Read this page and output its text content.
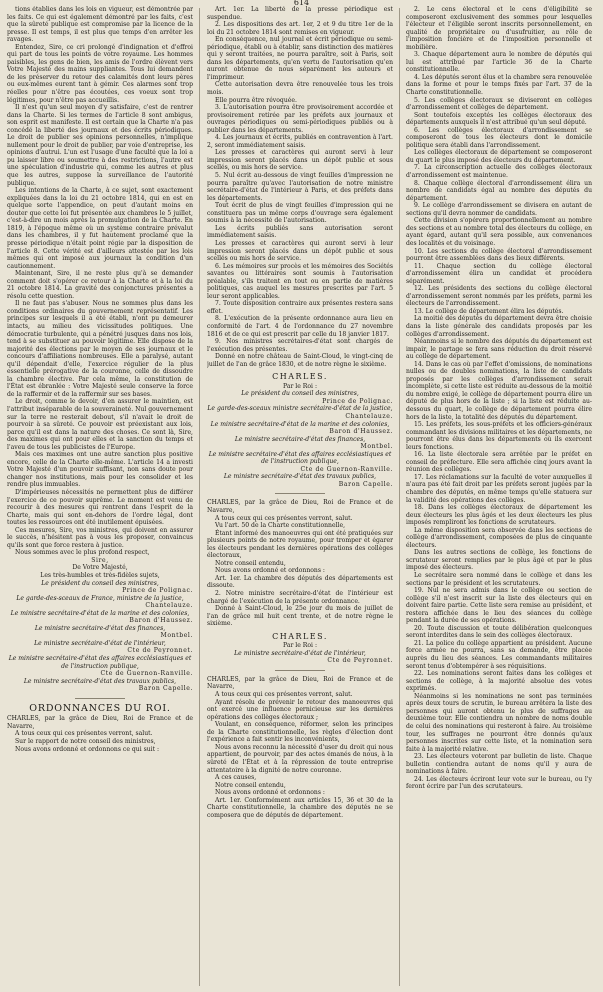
614

tions établies dans les lois en vigueur, est démontrée par les faits. Ce qui est également démontré par les faits, c'est que la sûreté publique est compromise par la licence de la presse. Il est temps, il est plus que temps d'en arrêter les ravages.

Entendez, Sire, ce cri prolongé d'indignation et d'effroi qui part de tous les points de votre royaume. Les hommes paisibles, les gens de bien, les amis de l'ordre élèvent vers Votre Majesté des mains suppliantes. Tous lui demandent de les préserver du retour des calamités dont leurs pères ou eux-mêmes eurent tant à gémir. Ces alarmes sont trop réelles pour n'être pas écoutées, ces voeux sont trop légitimes, pour n'être pas accueillis.

Il n'est qu'un seul moyen d'y satisfaire, c'est de rentrer dans la Charte. Si les termes de l'article 8 sont ambigus, son esprit est manifeste. Il est certain que la Charte n'a pas concédé la liberté des journaux et des écrits périodiques. Le droit de publier ses opinions personnelles, n'implique nullement pour le droit de publier, par voie d'entreprise, les opinions d'autrui. L'un est l'usage d'une faculté que la loi a pu laisser libre ou soumettre à des restrictions, l'autre est une spéculation d'industrie qui, comme les autres et plus que les autres, suppose la surveillance de l'autorité publique.

Les intentions de la Charte, à ce sujet, sont exactement expliquées dans la loi du 21 octobre 1814, qui en est en quelque sorte l'appendice, on peut d'autant moins en douter que cette loi fut présentée aux chambres le 5 juillet, c'est-à-dire un mois après la promulgation de la Charte. En 1819, à l'époque même où un système contraire prévalut dans les chambres, il y fut hautement proclamé que la presse périodique n'était point régie par la disposition de l'article 8. Cette vérité est d'ailleurs attestée par les lois mêmes qui ont imposé aux journaux la condition d'un cautionnement.

Maintenant, Sire, il ne reste plus qu'à se demander comment doit s'opérer ce retour à la Charte et à la loi du 21 octobre 1814. La gravité des conjonctures présentes a résolu cette question.

Il ne faut pas s'abuser. Nous ne sommes plus dans les conditions ordinaires du gouvernement représentatif. Les principes sur lesquels il a été établi, n'ont pu demeurer intacts, au milieu des vicissitudes politiques. Une démocratie turbulente, qui a pénétré jusques dans nos lois, tend à se substituer au pouvoir légitime. Elle dispose de la majorité des élections par le moyen de ses journaux et le concours d'affiliations nombreuses. Elle a paralysé, autant qu'il dépendait d'elle, l'exercice régulier de la plus essentielle prérogative de la couronne, celle de dissoudre la chambre élective. Par cela même, la constitution de l'État est ébranlée : Votre Majesté seule conserve la force de la raffermir et de la raffermir sur ses bases.

Le droit, comme le devoir, d'en assurer le maintien, est l'attribut inséparable de la souveraineté. Nul gouvernement sur la terre ne resterait debout, s'il n'avait le droit de pourvoir à sa sûreté. Ce pouvoir est préexistant aux lois, parce qu'il est dans la nature des choses. Ce sont là, Sire, des maximes qui ont pour elles et la sanction du temps et l'aveu de tous les publicistes de l'Europe.

Mais ces maximes ont une autre sanction plus positive encore, celle de la Charte elle-même. L'article 14 a investi Votre Majesté d'un pouvoir suffisant, non sans doute pour changer nos institutions, mais pour les consolider et les rendre plus immuables.

D'impérieuses nécessités ne permettent plus de différer l'exercice de ce pouvoir suprême. Le moment est venu de recourir à des mesures qui rentrent dans l'esprit de la Charte, mais qui sont en-dehors de l'ordre légal, dont toutes les ressources ont été inutilement épuisées.

Ces mesures, Sire, vos ministres, qui doivent en assurer le succès, n'hésitent pas à vous les proposer, convaincus qu'ils sont que force restera à justice.

Nous sommes avec le plus profond respect,

Sire,

De Votre Majesté,

Les très-humbles et très-fidèles sujets,

Le président du conseil des ministres,

Prince de Polignac.

Le garde-des-sceaux de France, ministre de la justice,

Chantelauze.

Le ministre secrétaire-d'état de la marine et des colonies,

Baron d'Haussez.

Le ministre secrétaire-d'état des finances,

Montbel.

Le ministre secrétaire-d'état de l'intérieur,

Cte de Peyronnet.

Le ministre secrétaire-d'état des affaires ecclésiastiques et de l'instruction publique,

Cte de Guernon-Ranville.

Le ministre secrétaire-d'état des travaux publics,

Baron Capelle.

ORDONNANCES DU ROI.

CHARLES, par la grâce de Dieu, Roi de France et de Navarre,

A tous ceux qui ces présentes verront, salut.

Sur le rapport de notre conseil des ministres,

Nous avons ordonné et ordonnons ce qui suit :

Art. 1er. La liberté de la presse périodique est suspendue.

2. Les dispositions des art. 1er, 2 et 9 du titre 1er de la loi du 21 octobre 1814 sont remises en vigueur.

En conséquence, nul journal et écrit périodique ou semi-périodique, établi ou à établir, sans distinction des matières qui y seront traitées, ne pourra paraître, soit à Paris, soit dans les départements, qu'en vertu de l'autorisation qu'en auront obtenue de nous séparément les auteurs et l'imprimeur.

Cette autorisation devra être renouvelée tous les trois mois.

Elle pourra être révoquée.

3. L'autorisation pourra être provisoirement accordée et provisoirement retirée par les préfets aux journaux et ouvrages périodiques ou semi-périodiques publiés ou à publier dans les départements.

4. Les journaux et écrits, publiés en contravention à l'art. 2, seront immédiatement saisis.

Les presses et caractères qui auront servi à leur impression seront placés dans un dépôt public et sous scellés, ou mis hors de service.

5. Nul écrit au-dessous de vingt feuilles d'impression ne pourra paraître qu'avec l'autorisation de notre ministre secrétaire-d'état de l'intérieur à Paris, et des préfets dans les départements.

Tout écrit de plus de vingt feuilles d'impression qui ne constituera pas un même corps d'ouvrage sera également soumis à la nécessité de l'autorisation.

Les écrits publiés sans autorisation seront immédiatement saisis.

Les presses et caractères qui auront servi à leur impression seront placés dans un dépôt public et sous scellés ou mis hors de service.

6. Les mémoires sur procès et les mémoires des Sociétés savantes ou littéraires sont soumis à l'autorisation préalable, s'ils traitent en tout ou en partie de matières politiques, cas auquel les mesures prescrites par l'art. 5 leur seront applicables.

7. Toute disposition contraire aux présentes restera sans effet.

8. L'exécution de la présente ordonnance aura lieu en conformité de l'art. 4 de l'ordonnance du 27 novembre 1816 et de ce qui est prescrit par celle du 18 janvier 1817.

9. Nos ministres secrétaires-d'état sont chargés de l'exécution des présentes.

Donné en notre château de Saint-Cloud, le vingt-cinq de juillet de l'an de grâce 1830, et de notre règne le sixième.

CHARLES.

Par le Roi :

Le président du conseil des ministres,

Prince de Polignac.

Le garde-des-sceaux ministre secrétaire-d'état de la justice,

Chantelauze.

Le ministre secrétaire-d'état de la marine et des colonies,

Baron d'Haussez.

Le ministre secrétaire-d'état des finances,

Montbel.

Le ministre secrétaire-d'état des affaires ecclésiastiques et de l'instruction publique,

Cte de Guernon-Ranville.

Le ministre secrétaire-d'état des travaux publics,

Baron Capelle.

CHARLES, par la grâce de Dieu, Roi de France et de Navarre,

A tous ceux qui ces présentes verront, salut.

Vu l'art. 50 de la Charte constitutionnelle,

Étant informé des manoeuvres qui ont été pratiquées sur plusieurs points de notre royaume, pour tromper et égarer les électeurs pendant les dernières opérations des collèges électoraux,

Notre conseil entendu,

Nous avons ordonné et ordonnons :

Art. 1er. La chambre des députés des départements est dissoute.

2. Notre ministre secrétaire-d'état de l'intérieur est chargé de l'exécution de la présente ordonnance.

Donné à Saint-Cloud, le 25e jour du mois de juillet de l'an de grâce mil huit cent trente, et de notre règne le sixième.

CHARLES.

Par le Roi :

Le ministre secrétaire-d'état de l'intérieur,

Cte de Peyronnet.

CHARLES, par la grâce de Dieu, Roi de France et de Navarre,

A tous ceux qui ces présentes verront, salut.

Ayant résolu de prévenir le retour des manoeuvres qui ont exercé une influence pernicieuse sur les dernières opérations des collèges électoraux ;

Voulant, en conséquence, réformer, selon les principes de la Charte constitutionnelle, les règles d'élection dont l'expérience a fait sentir les inconvénients,

Nous avons reconnu la nécessité d'user du droit qui nous appartient, de pourvoir, par des actes émanés de nous, à la sûreté de l'État et à la répression de toute entreprise attentatoire à la dignité de notre couronne.

A ces causes,

Notre conseil entendu,

Nous avons ordonné et ordonnons :

Art. 1er. Conformément aux articles 15, 36 et 30 de la Charte constitutionnelle, la chambre des députés ne se composera que de députés de département.

2. Le cens électoral et le cens d'éligibilité se composeront exclusivement des sommes pour lesquelles l'électeur et l'éligible seront inscrits personnellement, en qualité de propriétaire ou d'usufruitier, au rôle de l'imposition foncière et de l'imposition personnelle et mobilière.

3. Chaque département aura le nombre de députés qui lui est attribué par l'article 36 de la Charte constitutionnelle.

4. Les députés seront élus et la chambre sera renouvelée dans la forme et pour le temps fixés par l'art. 37 de la Charte constitutionnelle.

5. Les collèges électoraux se diviseront en collèges d'arrondissement et collèges de département.

Sont toutefois exceptés les collèges électoraux des départements auxquels il n'est attribué qu'un seul député.

6. Les collèges électoraux d'arrondissement se composeront de tous les électeurs dont le domicile politique sera établi dans l'arrondissement.

Les collèges électoraux de département se composeront du quart le plus imposé des électeurs du département.

7. La circonscription actuelle des collèges électoraux d'arrondissement est maintenue.

8. Chaque collège électoral d'arrondissement élira un nombre de candidats égal au nombre des députés du département.

9. Le collège d'arrondissement se divisera en autant de sections qu'il devra nommer de candidats.

Cette division s'opérera proportionnellement au nombre des sections et au nombre total des électeurs du collège, en ayant égard, autant qu'il sera possible, aux convenances des localités et du voisinage.

10. Les sections du collège électoral d'arrondissement pourront être assemblées dans des lieux différents.

11. Chaque section du collège électoral d'arrondissement élira un candidat et procédera séparément.

12. Les présidents des sections du collège électoral d'arrondissement seront nommés par les préfets, parmi les électeurs de l'arrondissement.

13. Le collège de département élira les députés.

La moitié des députés du département devra être choisie dans la liste générale des candidats proposés par les collèges d'arrondissement.

Néanmoins si le nombre des députés du département est impair, le partage se fera sans réduction du droit réservé au collège de département.

14. Dans le cas où par l'effet d'omissions, de nominations nulles ou de doubles nominations, la liste de candidats proposés par les collèges d'arrondissement serait incomplète, si cette liste est réduite au-dessous de la moitié du nombre exigé, le collège de département pourra élire un député de plus hors de la liste ; si la liste est réduite au-dessous du quart, le collège de département pourra élire hors de la liste, la totalité des députés du département.

15. Les préfets, les sous-préfets et les officiers-généraux commandant les divisions militaires et les départements, ne pourront être élus dans les départements où ils exercent leurs fonctions.

16. La liste électorale sera arrêtée par le préfet en conseil de préfecture. Elle sera affichée cinq jours avant la réunion des collèges.

17. Les réclamations sur la faculté de voter auxquelles il n'aura pas été fait droit par les préfets seront jugées par la chambre des députés, en même temps qu'elle statuera sur la validité des opérations des collèges.

18. Dans les collèges électoraux de département les deux électeurs les plus âgés et les deux électeurs les plus imposés rempliront les fonctions de scrutateurs.

La même disposition sera observée dans les sections de collège d'arrondissement, composées de plus de cinquante électeurs.

Dans les autres sections de collège, les fonctions de scrutateur seront remplies par le plus âgé et par le plus imposé des électeurs.

Le secrétaire sera nommé dans le collège et dans les sections par le président et les scrutateurs.

19. Nul ne sera admis dans le collège ou section de collège s'il n'est inscrit sur la liste des électeurs qui en doivent faire partie. Cette liste sera remise au président, et restera affichée dans le lieu des séances du collège pendant la durée de ses opérations.

20. Toute discussion et toute délibération quelconques seront interdites dans le sein des collèges électoraux.

21. La police du collège appartient au président. Aucune force armée ne pourra, sans sa demande, être placée auprès du lieu des séances. Les commandants militaires seront tenus d'obtempérer à ses réquisitions.

22. Les nominations seront faites dans les collèges et sections de collège, à la majorité absolue des votes exprimés.

Néanmoins si les nominations ne sont pas terminées après deux tours de scrutin, le bureau arrêtera la liste des personnes qui auront obtenu le plus de suffrages au deuxième tour. Elle contiendra un nombre de noms double de celui des nominations qui resteront à faire. Au troisième tour, les suffrages ne pourront être donnés qu'aux personnes inscrites sur cette liste, et la nomination sera faite à la majorité relative.

23. Les électeurs voteront par bulletin de liste. Chaque bulletin contiendra autant de noms qu'il y aura de nominations à faire.

24. Les électeurs écriront leur vote sur le bureau, ou l'y feront écrire par l'un des scrutateurs.
